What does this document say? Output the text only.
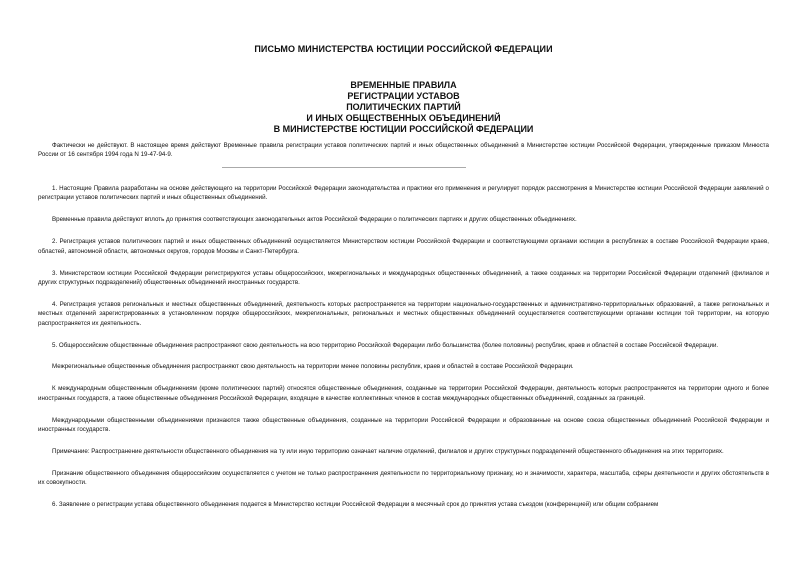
ПИСЬМО МИНИСТЕРСТВА ЮСТИЦИИ РОССИЙСКОЙ ФЕДЕРАЦИИ
ВРЕМЕННЫЕ ПРАВИЛА
РЕГИСТРАЦИИ УСТАВОВ
ПОЛИТИЧЕСКИХ ПАРТИЙ
И ИНЫХ ОБЩЕСТВЕННЫХ ОБЪЕДИНЕНИЙ
В МИНИСТЕРСТВЕ ЮСТИЦИИ РОССИЙСКОЙ ФЕДЕРАЦИИ
Фактически не действуют. В настоящее время действуют Временные правила регистрации уставов политических партий и иных общественных объединений в Министерстве юстиции Российской Федерации, утвержденные приказом Минюста России от 16 сентября 1994 года N 19-47-94-9.

1. Настоящие Правила разработаны на основе действующего на территории Российской Федерации законодательства и практики его применения и регулирует порядок рассмотрения в Министерстве юстиции Российской Федерации заявлений о регистрации уставов политических партий и иных общественных объединений.

Временные правила действуют вплоть до принятия соответствующих законодательных актов Российской Федерации о политических партиях и других общественных объединениях.

2. Регистрация уставов политических партий и иных общественных объединений осуществляется Министерством юстиции Российской Федерации и соответствующими органами юстиции в республиках в составе Российской Федерации краев, областей, автономной области, автономных округов, городов Москвы и Санкт-Петербурга.

3. Министерством юстиции Российской Федерации регистрируются уставы общероссийских, межрегиональных и международных общественных объединений, а также созданных на территории Российской Федерации отделений (филиалов и других структурных подразделений) общественных объединений иностранных государств.

4. Регистрация уставов региональных и местных общественных объединений, деятельность которых распространяется на территории национально-государственных и административно-территориальных образований, а также региональных и местных отделений зарегистрированных в установленном порядке общероссийских, межрегиональных, региональных и местных общественных объединений осуществляется соответствующими органами юстиции той территории, на которую распространяется их деятельность.

5. Общероссийские общественные объединения распространяют свою деятельность на всю территорию Российской Федерации либо большинства (более половины) республик, краев и областей в составе Российской Федерации.

Межрегиональные общественные объединения распространяют свою деятельность на территории менее половины республик, краев и областей в составе Российской Федерации.

К международным общественным объединениям (кроме политических партий) относятся общественные объединения, созданные на территории Российской Федерации, деятельность которых распространяется на территории одного и более иностранных государств, а также общественные объединения Российской Федерации, входящие в качестве коллективных членов в состав международных общественных объединений, созданных за границей.

Международными общественными объединениями признаются также общественные объединения, созданные на территории Российской Федерации и образованные на основе союза общественных объединений Российской Федерации и иностранных государств.

Примечание: Распространение деятельности общественного объединения на ту или иную территорию означает наличие отделений, филиалов и других структурных подразделений общественного объединения на этих территориях.

Признание общественного объединения общероссийским осуществляется с учетом не только распространения деятельности по территориальному признаку, но и значимости, характера, масштаба, сферы деятельности и других обстоятельств в их совокупности.

6. Заявление о регистрации устава общественного объединения подается в Министерство юстиции Российской Федерации в месячный срок до принятия устава съездом (конференцией) или общим собранием
